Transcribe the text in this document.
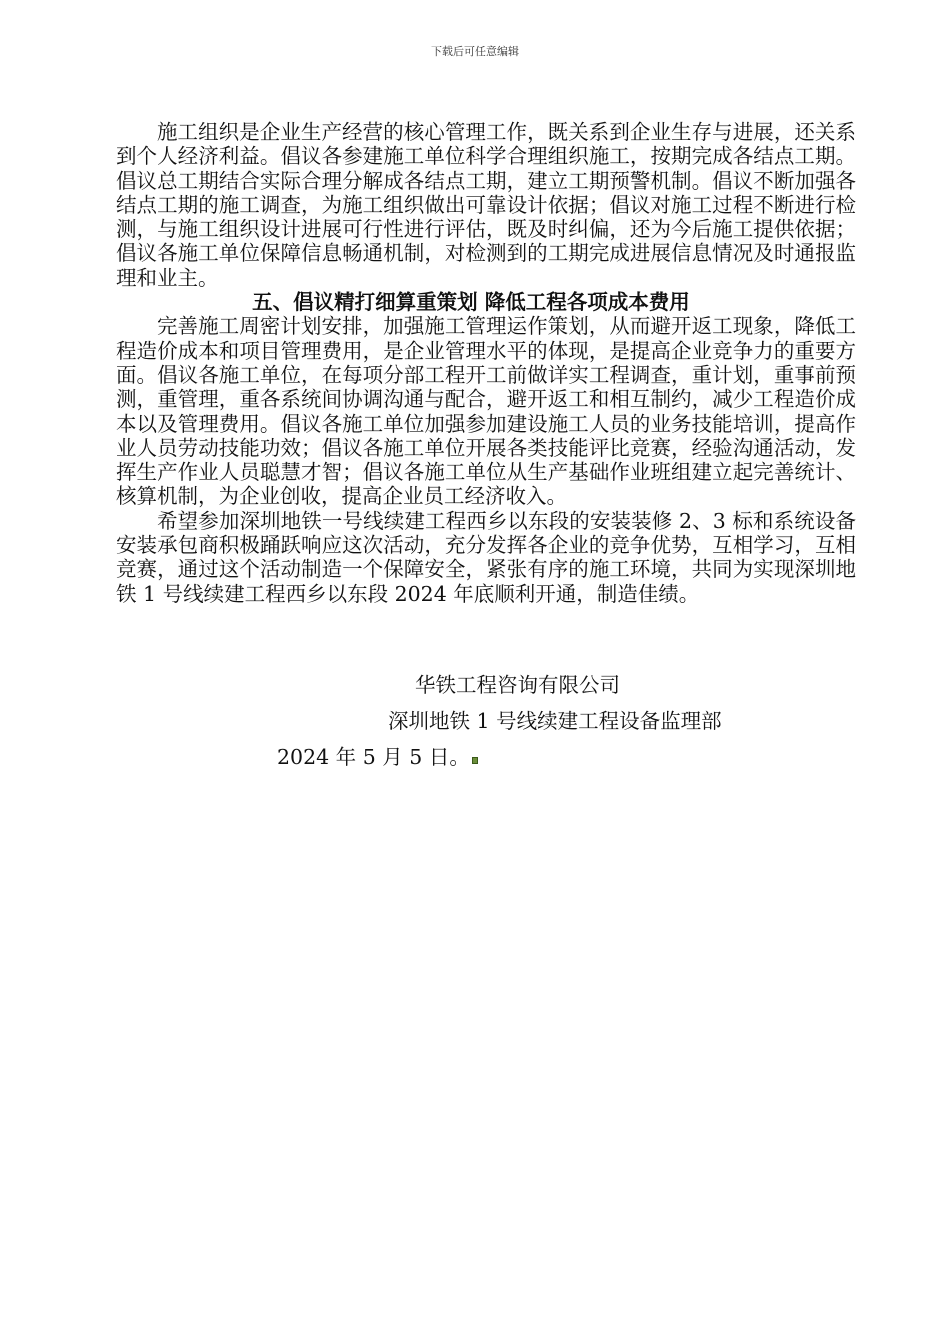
下载后可任意编辑

施工组织是企业生产经营的核心管理工作，既关系到企业生存与进展，还关系到个人经济利益。倡议各参建施工单位科学合理组织施工，按期完成各结点工期。倡议总工期结合实际合理分解成各结点工期，建立工期预警机制。倡议不断加强各结点工期的施工调查，为施工组织做出可靠设计依据；倡议对施工过程不断进行检测，与施工组织设计进展可行性进行评估，既及时纠偏，还为今后施工提供依据；倡议各施工单位保障信息畅通机制，对检测到的工期完成进展信息情况及时通报监理和业主。

五、倡议精打细算重策划 降低工程各项成本费用

完善施工周密计划安排，加强施工管理运作策划，从而避开返工现象，降低工程造价成本和项目管理费用，是企业管理水平的体现，是提高企业竞争力的重要方面。倡议各施工单位，在每项分部工程开工前做详实工程调查，重计划，重事前预测，重管理，重各系统间协调沟通与配合，避开返工和相互制约，减少工程造价成本以及管理费用。倡议各施工单位加强参加建设施工人员的业务技能培训，提高作业人员劳动技能功效；倡议各施工单位开展各类技能评比竞赛，经验沟通活动，发挥生产作业人员聪慧才智；倡议各施工单位从生产基础作业班组建立起完善统计、核算机制，为企业创收，提高企业员工经济收入。

希望参加深圳地铁一号线续建工程西乡以东段的安装装修 2、3 标和系统设备安装承包商积极踊跃响应这次活动，充分发挥各企业的竞争优势，互相学习，互相竞赛，通过这个活动制造一个保障安全，紧张有序的施工环境，共同为实现深圳地铁 1 号线续建工程西乡以东段 2024 年底顺利开通，制造佳绩。

华铁工程咨询有限公司
深圳地铁 1 号线续建工程设备监理部
2024 年 5 月 5 日。
